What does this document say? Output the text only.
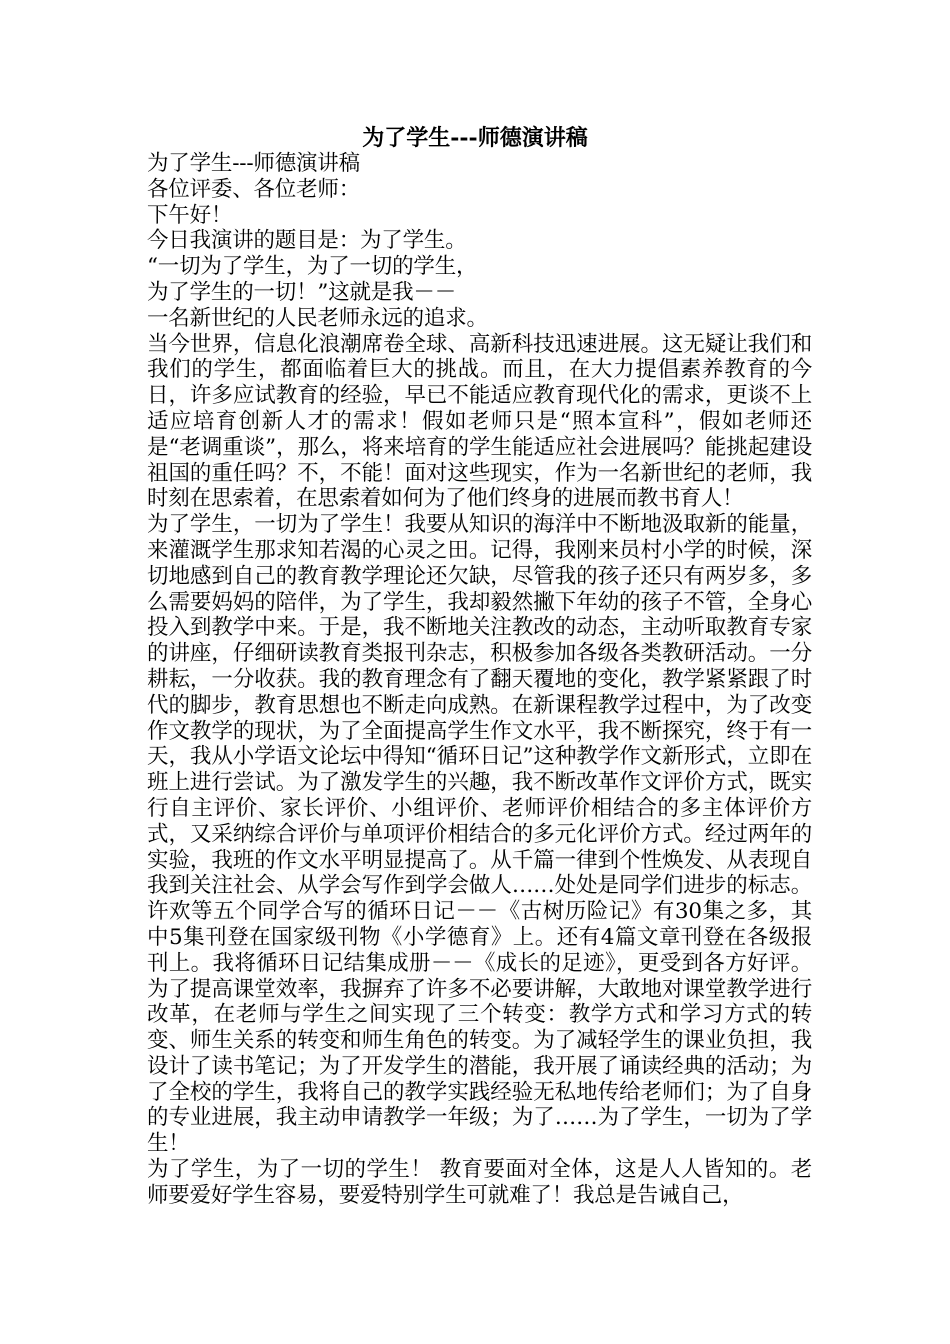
为了学生---师德演讲稿

为了学生---师德演讲稿

各位评委、各位老师：

下午好！

今日我演讲的题目是：为了学生。

“一切为了学生，为了一切的学生，

为了学生的一切！”这就是我－－

一名新世纪的人民老师永远的追求。

当今世界，信息化浪潮席卷全球、高新科技迅速进展。这无疑让我们和我们的学生，都面临着巨大的挑战。而且，在大力提倡素养教育的今日，许多应试教育的经验，早已不能适应教育现代化的需求，更谈不上适应培育创新人才的需求！假如老师只是“照本宣科”，假如老师还是“老调重谈”，那么，将来培育的学生能适应社会进展吗？能挑起建设祖国的重任吗？不，不能！面对这些现实，作为一名新世纪的老师，我时刻在思索着，在思索着如何为了他们终身的进展而教书育人！

为了学生，一切为了学生！我要从知识的海洋中不断地汲取新的能量，来灌溉学生那求知若渴的心灵之田。记得，我刚来员村小学的时候，深切地感到自己的教育教学理论还欠缺，尽管我的孩子还只有两岁多，多么需要妈妈的陪伴，为了学生，我却毅然撇下年幼的孩子不管，全身心投入到教学中来。于是，我不断地关注教改的动态，主动听取教育专家的讲座，仔细研读教育类报刊杂志，积极参加各级各类教研活动。一分耕耘，一分收获。我的教育理念有了翻天覆地的变化，教学紧紧跟了时代的脚步，教育思想也不断走向成熟。在新课程教学过程中，为了改变作文教学的现状，为了全面提高学生作文水平，我不断探究，终于有一天，我从小学语文论坛中得知“循环日记”这种教学作文新形式，立即在班上进行尝试。为了激发学生的兴趣，我不断改革作文评价方式，既实行自主评价、家长评价、小组评价、老师评价相结合的多主体评价方式，又采纳综合评价与单项评价相结合的多元化评价方式。经过两年的实验，我班的作文水平明显提高了。从千篇一律到个性焕发、从表现自我到关注社会、从学会写作到学会做人……处处是同学们进步的标志。许欢等五个同学合写的循环日记－－《古树历险记》有30集之多，其中5集刊登在国家级刊物《小学德育》上。还有4篇文章刊登在各级报刊上。我将循环日记结集成册－－《成长的足迹》，更受到各方好评。为了提高课堂效率，我摒弃了许多不必要讲解，大敢地对课堂教学进行改革，在老师与学生之间实现了三个转变：教学方式和学习方式的转变、师生关系的转变和师生角色的转变。为了减轻学生的课业负担，我设计了读书笔记；为了开发学生的潜能，我开展了诵读经典的活动；为了全校的学生，我将自己的教学实践经验无私地传给老师们；为了自身的专业进展，我主动申请教学一年级；为了……为了学生，一切为了学生！

为了学生，为了一切的学生！ 教育要面对全体，这是人人皆知的。老师要爱好学生容易，要爱特别学生可就难了！我总是告诫自己，
